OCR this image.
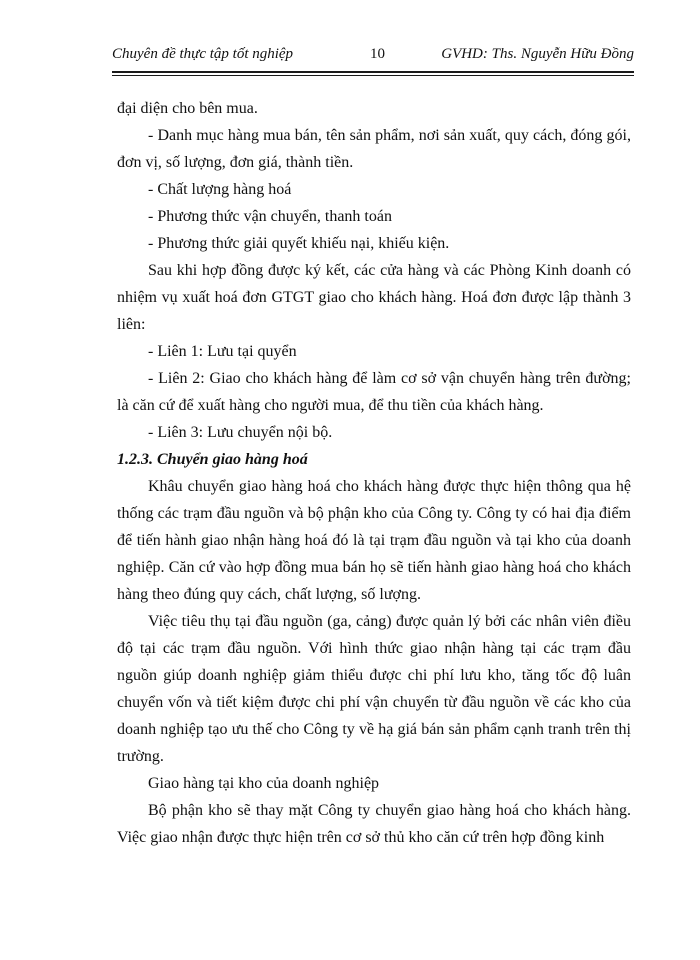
Chuyên đề thực tập tốt nghiệp	10	GVHD: Ths. Nguyễn Hữu Đồng

đại diện cho bên mua.

- Danh mục hàng mua bán, tên sản phẩm, nơi sản xuất, quy cách, đóng gói, đơn vị, số lượng, đơn giá, thành tiền.

- Chất lượng hàng hoá

- Phương thức vận chuyển, thanh toán

- Phương thức giải quyết khiếu nại, khiếu kiện.

Sau khi hợp đồng được ký kết, các cửa hàng và các Phòng Kinh doanh có nhiệm vụ xuất hoá đơn GTGT giao cho khách hàng. Hoá đơn được lập thành 3 liên:

- Liên 1: Lưu tại quyển

- Liên 2: Giao cho khách hàng để làm cơ sở vận chuyển hàng trên đường; là căn cứ để xuất hàng cho người mua, để thu tiền của khách hàng.

- Liên 3: Lưu chuyển nội bộ.

1.2.3. Chuyển giao hàng hoá

Khâu chuyển giao hàng hoá cho khách hàng được thực hiện thông qua hệ thống các trạm đầu nguồn và bộ phận kho của Công ty. Công ty có hai địa điểm để tiến hành giao nhận hàng hoá đó là tại trạm đầu nguồn và tại kho của doanh nghiệp. Căn cứ vào hợp đồng mua bán họ sẽ tiến hành giao hàng hoá cho khách hàng theo đúng quy cách, chất lượng, số lượng.

Việc tiêu thụ tại đầu nguồn (ga, cảng) được quản lý bởi các nhân viên điều độ tại các trạm đầu nguồn. Với hình thức giao nhận hàng tại các trạm đầu nguồn giúp doanh nghiệp giảm thiểu được chi phí lưu kho, tăng tốc độ luân chuyển vốn và tiết kiệm được chi phí vận chuyển từ đầu nguồn về các kho của doanh nghiệp tạo ưu thế cho Công ty về hạ giá bán sản phẩm cạnh tranh trên thị trường.

Giao hàng tại kho của doanh nghiệp

Bộ phận kho sẽ thay mặt Công ty chuyển giao hàng hoá cho khách hàng. Việc giao nhận được thực hiện trên cơ sở thủ kho căn cứ trên hợp đồng kinh
